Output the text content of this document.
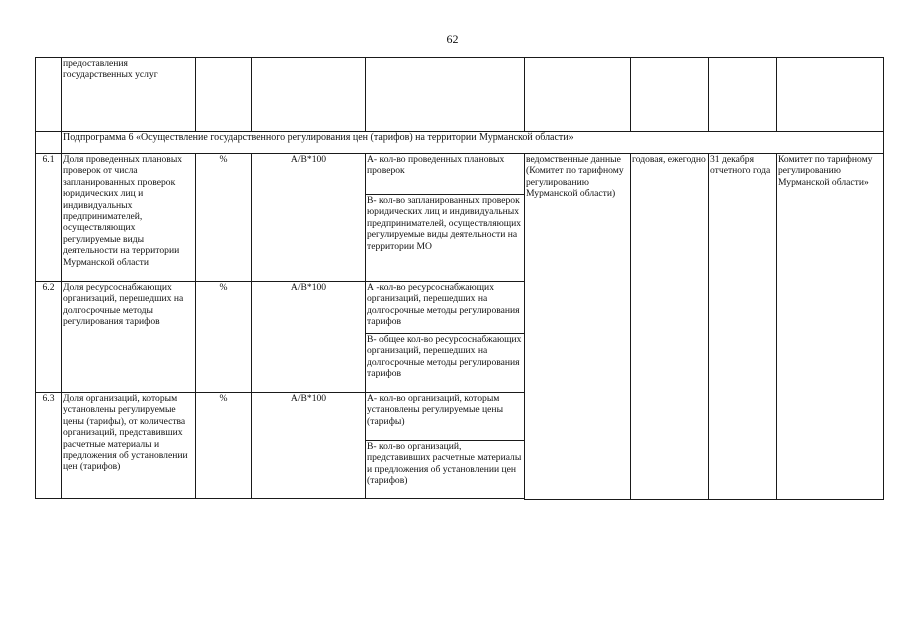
62
	предоставления государственных услуг							
	Подпрограмма 6 «Осуществление государственного регулирования цен (тарифов) на территории Мурманской области»							
6.1	Доля проведенных плановых проверок от числа запланированных проверок юридических лиц и индивидуальных предпринимателей, осуществляющих регулируемые виды деятельности на территории Мурманской области	%	А/В*100	А- кол-во проведенных плановых проверок	ведомственные данные (Комитет по тарифному регулированию Мурманской области)	годовая, ежегодно	31 декабря отчетного года	Комитет по тарифному регулированию Мурманской области»
				В- кол-во запланированных проверок юридических лиц и индивидуальных предпринимателей, осуществляющих регулируемые виды деятельности на территории МО				
6.2	Доля ресурсоснабжающих организаций, перешедших на долгосрочные методы регулирования тарифов	%	А/В*100	А -кол-во ресурсоснабжающих организаций, перешедших на долгосрочные методы регулирования тарифов				
				В- общее кол-во ресурсоснабжающих организаций, перешедших на долгосрочные методы регулирования тарифов				
6.3	Доля организаций, которым установлены регулируемые цены (тарифы), от количества организаций, представивших расчетные материалы и предложения об установлении цен (тарифов)	%	А/В*100	А- кол-во организаций, которым установлены регулируемые цены (тарифы)				
				В- кол-во организаций, представивших расчетные материалы и предложения об установлении цен (тарифов)				
